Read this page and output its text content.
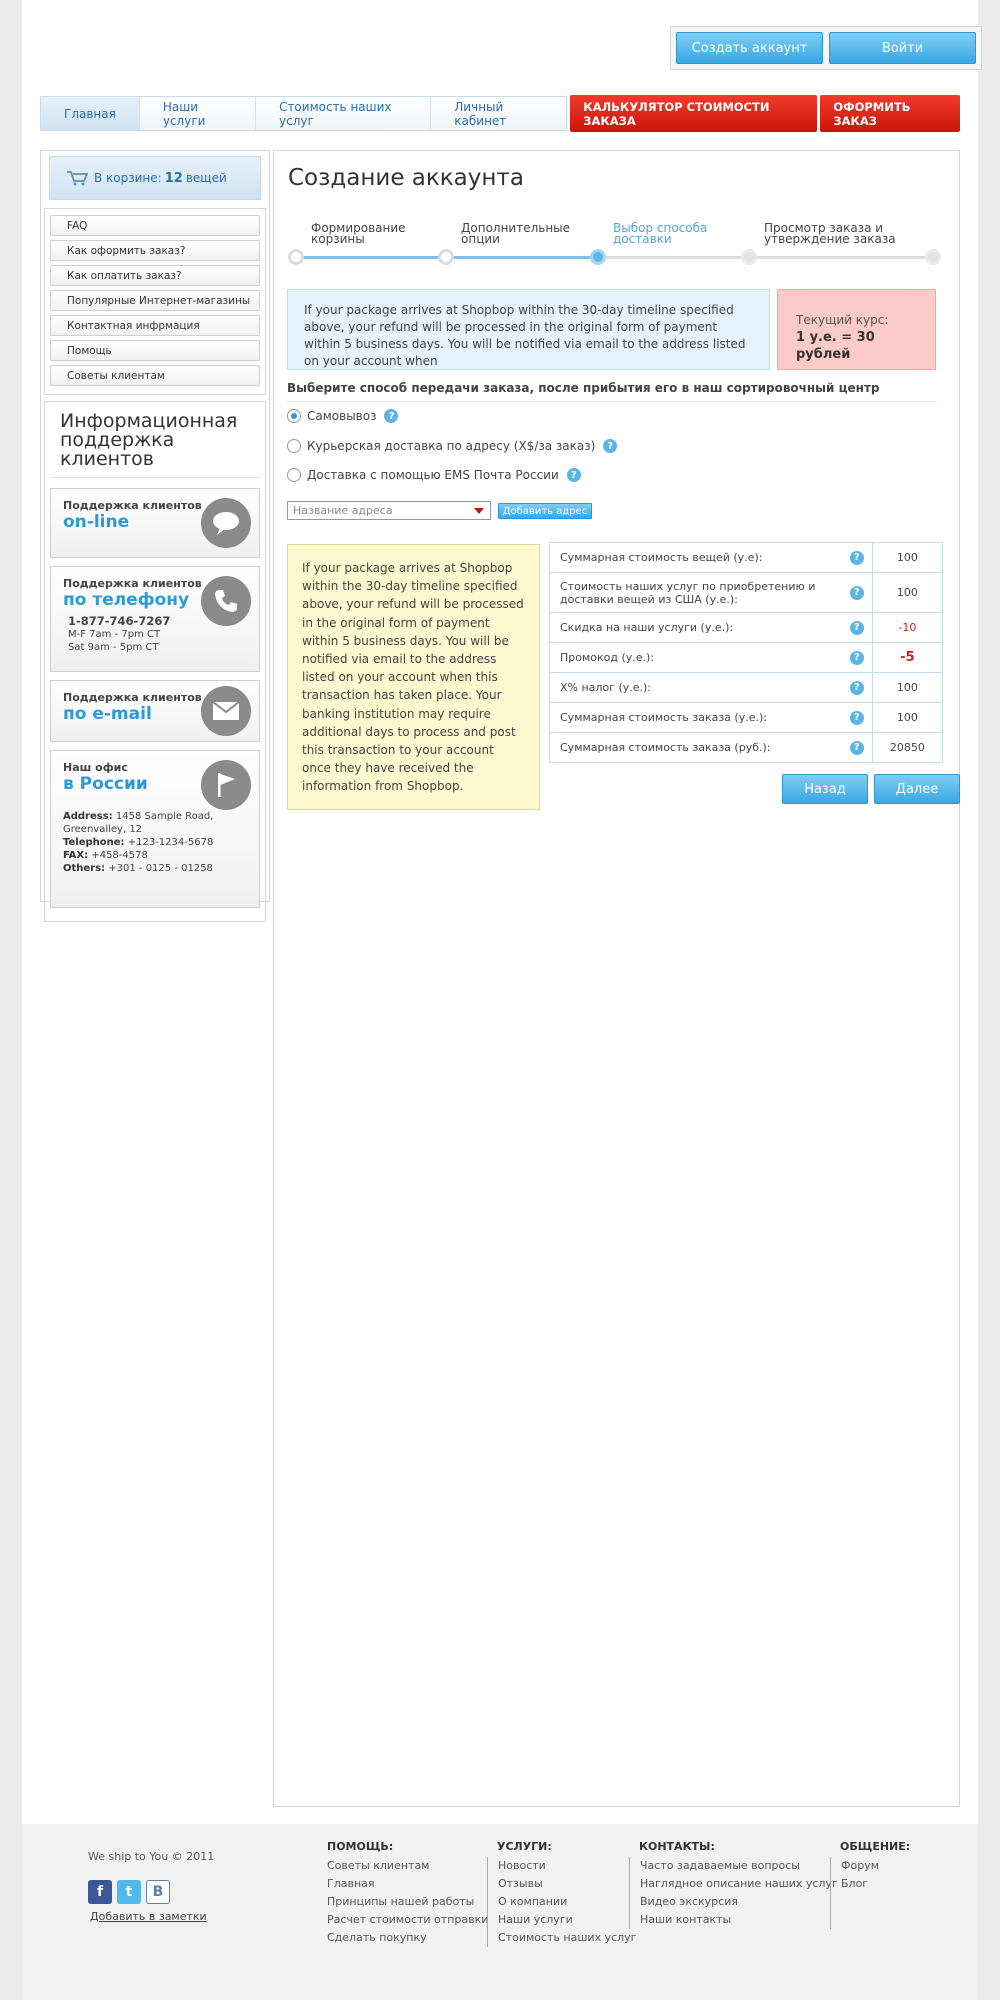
Создать аккаунт	Войти
Главная	Наши услуги
Стоимость наших услуг
Личный кабинет
КАЛЬКУЛЯТОР СТОИМОСТИ ЗАКАЗА
ОФОРМИТЬ ЗАКАЗ
В корзине: 12 вещей
FAQ
Как оформить заказ?
Как оплатить заказ?
Популярные Интернет-магазины
Контактная инфрмация
Помощь
Советы клиентам
Информационная поддержка клиентов
Поддержка клиентов
on-line
Поддержка клиентов
по телефону
1-877-746-7267
M-F 7am - 7pm CT
Sat 9am - 5pm CT
Поддержка клиентов
по e-mail
Наш офис
в России
Address: 1458 Sample Road, Greenvalley, 12
Telephone: +123-1234-5678
FAX: +458-4578
Others: +301 - 0125 - 01258
Создание аккаунта
Формирование корзины
Дополнительные опции
Выбор способа доставки
Просмотр заказа и утверждение заказа
If your package arrives at Shopbop within the 30-day timeline specified above, your refund will be processed in the original form of payment within 5 business days. You will be notified via email to the address listed on your account when
Текущий курс:
1 у.е. = 30 рублей
Выберите способ передачи заказа, после прибытия его в наш сортировочный центр
Самовывоз	?
Курьерская доставка по адресу (X$/за заказ)	?
Доставка с помощью EMS Почта России	?
Название адреса	Добавить адрес
If your package arrives at Shopbop within the 30-day timeline specified above, your refund will be processed in the original form of payment within 5 business days. You will be notified via email to the address listed on your account when this transaction has taken place. Your banking institution may require
additional days to process and post this transaction to your account once they have received the information from Shopbop.
Суммарная стоимость вещей (у.е): ?	100
Стоимость наших услуг по приобретению и доставки вещей из США (у.е.): ?	100
Скидка на наши услуги (у.е.): ?	-10
Промокод (у.е.): ?	-5
X% налог (у.е.): ?	100
Суммарная стоимость заказа (у.е.): ?	100
Суммарная стоимость заказа (руб.): ?	20850
Назад	Далее
We ship to You © 2011
f	t	B
Добавить в заметки
ПОМОЩЬ:
Советы клиентам
Главная
Принципы нашей работы
Расчет стоимости отправки
Сделать покупку
УСЛУГИ:
Новости
Отзывы
О компании
Наши услуги
Стоимость наших услуг
КОНТАКТЫ:
Часто задаваемые вопросы
Наглядное описание наших услуг
Видео экскурсия
Наши контакты
ОБЩЕНИЕ:
Форум
Блог
